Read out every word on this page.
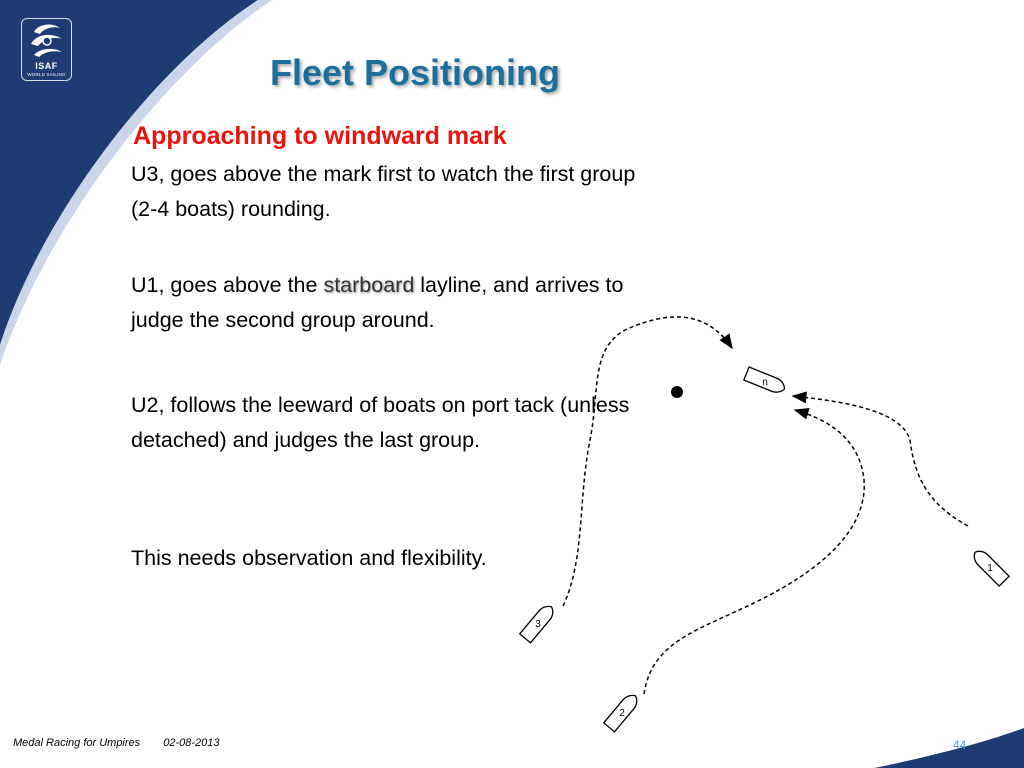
ISAF
WORLD SAILING	Fleet Positioning
Approaching to windward mark

U3, goes above the mark first to watch the first group (2-4 boats) rounding.

U1, goes above the starboard layline, and arrives to judge the second group around.

U2, follows the leeward of boats on port tack (unless detached) and judges the last group.

This needs observation and flexibility.

n
1
2
3
Medal Racing for Umpires 02-08-2013	44
